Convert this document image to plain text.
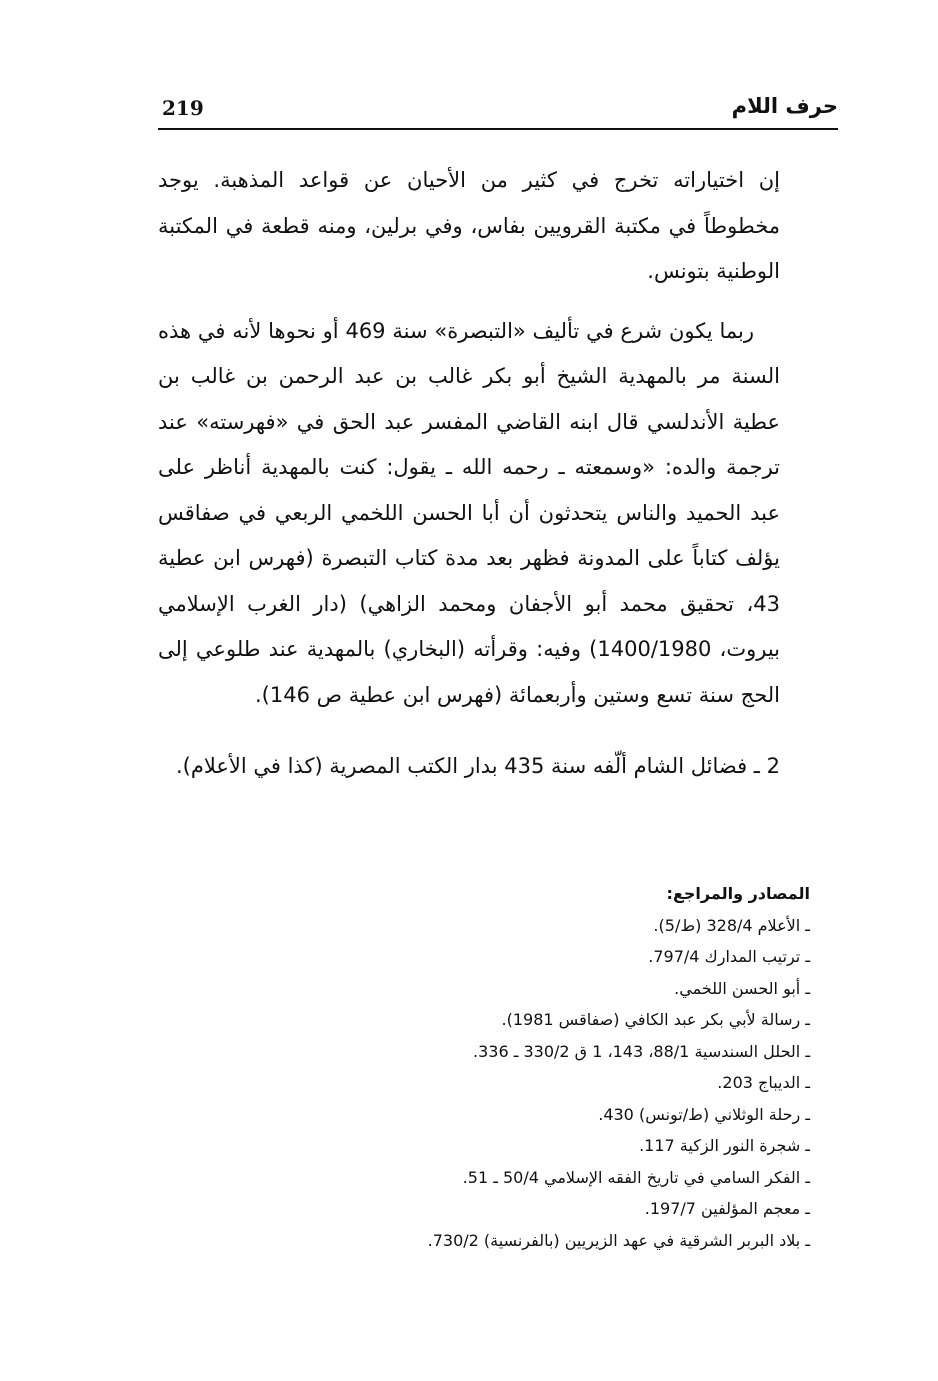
219	حرف اللام

إن اختياراته تخرج في كثير من الأحيان عن قواعد المذهبة. يوجد مخطوطاً في مكتبة القرويين بفاس، وفي برلين، ومنه قطعة في المكتبة الوطنية بتونس.

ربما يكون شرع في تأليف «التبصرة» سنة 469 أو نحوها لأنه في هذه السنة مر بالمهدية الشيخ أبو بكر غالب بن عبد الرحمن بن غالب بن عطية الأندلسي قال ابنه القاضي المفسر عبد الحق في «فهرسته» عند ترجمة والده: «وسمعته ـ رحمه الله ـ يقول: كنت بالمهدية أناظر على عبد الحميد والناس يتحدثون أن أبا الحسن اللخمي الربعي في صفاقس يؤلف كتاباً على المدونة فظهر بعد مدة كتاب التبصرة (فهرس ابن عطية 43، تحقيق محمد أبو الأجفان ومحمد الزاهي) (دار الغرب الإسلامي بيروت، 1400/1980) وفيه: وقرأته (البخاري) بالمهدية عند طلوعي إلى الحج سنة تسع وستين وأربعمائة (فهرس ابن عطية ص 146).

2 ـ فضائل الشام ألّفه سنة 435 بدار الكتب المصرية (كذا في الأعلام).

المصادر والمراجع:
ـ الأعلام 328/4 (ط/5).
ـ ترتيب المدارك 797/4.
ـ أبو الحسن اللخمي.
ـ رسالة لأبي بكر عبد الكافي (صفاقس 1981).
ـ الحلل السندسية 88/1، 143، 1 ق 330/2 ـ 336.
ـ الديباج 203.
ـ رحلة الوثلاني (ط/تونس) 430.
ـ شجرة النور الزكية 117.
ـ الفكر السامي في تاريخ الفقه الإسلامي 50/4 ـ 51.
ـ معجم المؤلفين 197/7.
ـ بلاد البربر الشرقية في عهد الزيريين (بالفرنسية) 730/2.
